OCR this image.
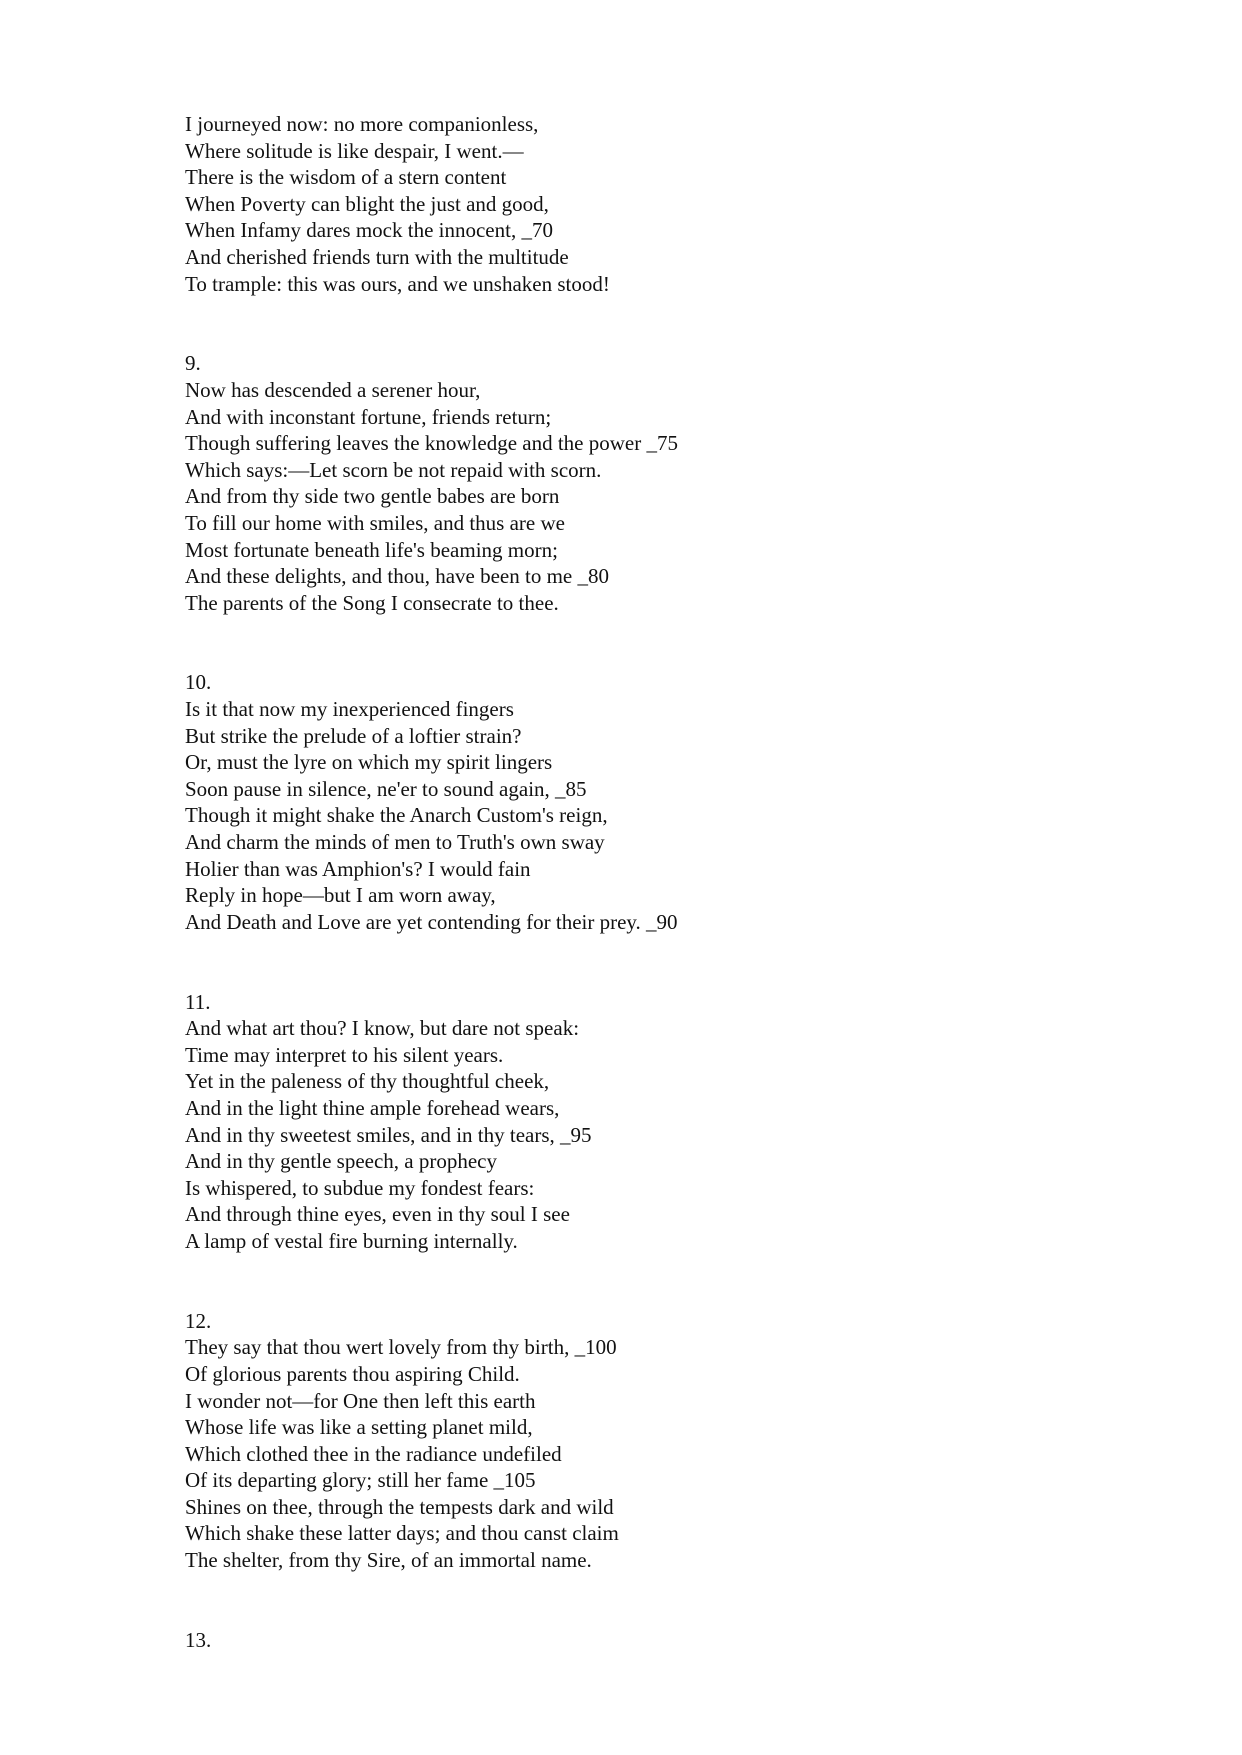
I journeyed now: no more companionless,
Where solitude is like despair, I went.—
There is the wisdom of a stern content
When Poverty can blight the just and good,
When Infamy dares mock the innocent, _70
And cherished friends turn with the multitude
To trample: this was ours, and we unshaken stood!
9.
Now has descended a serener hour,
And with inconstant fortune, friends return;
Though suffering leaves the knowledge and the power _75
Which says:—Let scorn be not repaid with scorn.
And from thy side two gentle babes are born
To fill our home with smiles, and thus are we
Most fortunate beneath life's beaming morn;
And these delights, and thou, have been to me _80
The parents of the Song I consecrate to thee.
10.
Is it that now my inexperienced fingers
But strike the prelude of a loftier strain?
Or, must the lyre on which my spirit lingers
Soon pause in silence, ne'er to sound again, _85
Though it might shake the Anarch Custom's reign,
And charm the minds of men to Truth's own sway
Holier than was Amphion's? I would fain
Reply in hope—but I am worn away,
And Death and Love are yet contending for their prey. _90
11.
And what art thou? I know, but dare not speak:
Time may interpret to his silent years.
Yet in the paleness of thy thoughtful cheek,
And in the light thine ample forehead wears,
And in thy sweetest smiles, and in thy tears, _95
And in thy gentle speech, a prophecy
Is whispered, to subdue my fondest fears:
And through thine eyes, even in thy soul I see
A lamp of vestal fire burning internally.
12.
They say that thou wert lovely from thy birth, _100
Of glorious parents thou aspiring Child.
I wonder not—for One then left this earth
Whose life was like a setting planet mild,
Which clothed thee in the radiance undefiled
Of its departing glory; still her fame _105
Shines on thee, through the tempests dark and wild
Which shake these latter days; and thou canst claim
The shelter, from thy Sire, of an immortal name.
13.
